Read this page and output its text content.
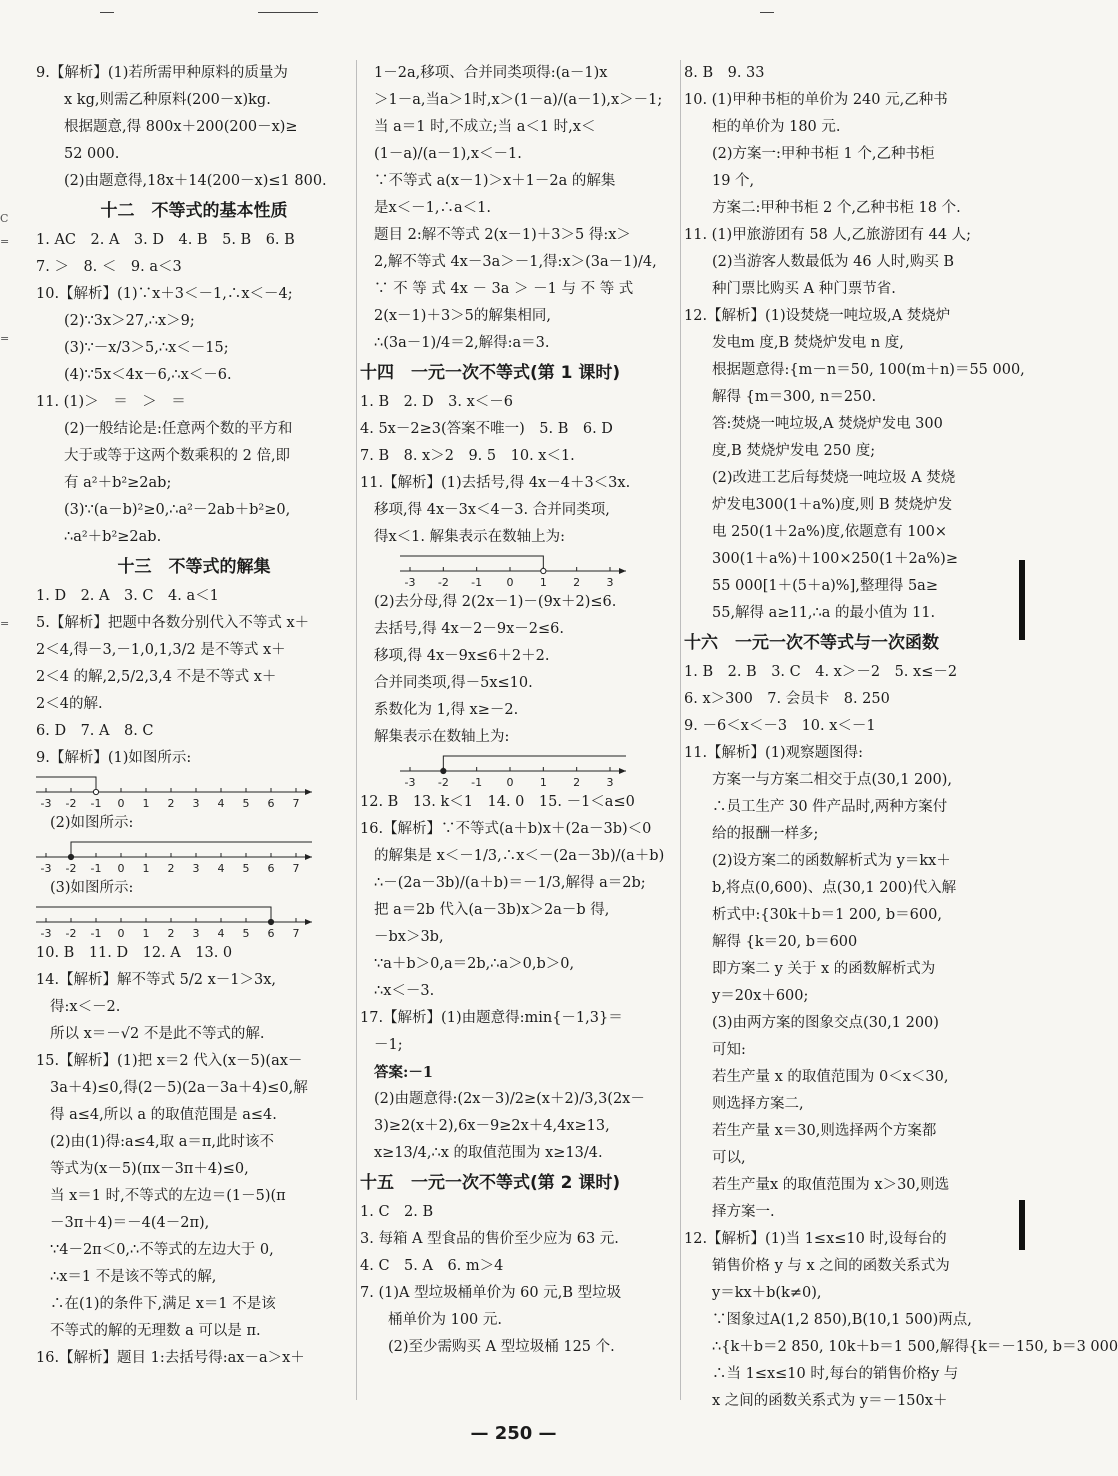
C
=
=
=
9.【解析】(1)若所需甲种原料的质量为
x kg,则需乙种原料(200－x)kg.
根据题意,得 800x＋200(200－x)≥
52 000.
(2)由题意得,18x＋14(200－x)≤1 800.
十二　不等式的基本性质
1. AC　2. A　3. D　4. B　5. B　6. B
7. ＞　8. ＜　9. a＜3
10.【解析】(1)∵x＋3＜－1,∴x＜－4;
(2)∵3x＞27,∴x＞9;
(3)∵－x/3＞5,∴x＜－15;
(4)∵5x＜4x－6,∴x＜－6.
11. (1)＞　＝　＞　＝
(2)一般结论是:任意两个数的平方和
大于或等于这两个数乘积的 2 倍,即
有 a²＋b²≥2ab;
(3)∵(a－b)²≥0,∴a²－2ab＋b²≥0,
∴a²＋b²≥2ab.
十三　不等式的解集
1. D　2. A　3. C　4. a＜1
5.【解析】把题中各数分别代入不等式 x＋
2＜4,得－3,－1,0,1,3/2 是不等式 x＋
2＜4 的解,2,5/2,3,4 不是不等式 x＋
2＜4的解.
6. D　7. A　8. C
9.【解析】(1)如图所示:
-3 -2 -1 0 1 2 3 4 5 6 7
(2)如图所示:
-3 -2 -1 0 1 2 3 4 5 6 7
(3)如图所示:
-3 -2 -1 0 1 2 3 4 5 6 7
10. B　11. D　12. A　13. 0
14.【解析】解不等式 5/2 x－1＞3x,
得:x＜－2.
所以 x＝－√2 不是此不等式的解.
15.【解析】(1)把 x＝2 代入(x－5)(ax－
3a＋4)≤0,得(2－5)(2a－3a＋4)≤0,解
得 a≤4,所以 a 的取值范围是 a≤4.
(2)由(1)得:a≤4,取 a＝π,此时该不
等式为(x－5)(πx－3π＋4)≤0,
当 x＝1 时,不等式的左边＝(1－5)(π
－3π＋4)＝－4(4－2π),
∵4－2π＜0,∴不等式的左边大于 0,
∴x＝1 不是该不等式的解,
∴在(1)的条件下,满足 x＝1 不是该
不等式的解的无理数 a 可以是 π.
16.【解析】题目 1:去括号得:ax－a＞x＋
1－2a,移项、合并同类项得:(a－1)x
＞1－a,当a＞1时,x＞(1－a)/(a－1),x＞－1;
当 a＝1 时,不成立;当 a＜1 时,x＜
(1－a)/(a－1),x＜－1.
∵不等式 a(x－1)＞x＋1－2a 的解集
是x＜－1,∴a＜1.
题目 2:解不等式 2(x－1)＋3＞5 得:x＞
2,解不等式 4x－3a＞－1,得:x＞(3a－1)/4,
∵ 不 等 式 4x － 3a ＞ －1 与 不 等 式
2(x－1)＋3＞5的解集相同,
∴(3a－1)/4＝2,解得:a＝3.
十四　一元一次不等式(第 1 课时)
1. B　2. D　3. x＜－6
4. 5x－2≥3(答案不唯一)　5. B　6. D
7. B　8. x＞2　9. 5　10. x＜1.
11.【解析】(1)去括号,得 4x－4＋3＜3x.
移项,得 4x－3x＜4－3. 合并同类项,
得x＜1. 解集表示在数轴上为:
-3 -2 -1 0 1 2 3
(2)去分母,得 2(2x－1)－(9x＋2)≤6.
去括号,得 4x－2－9x－2≤6.
移项,得 4x－9x≤6＋2＋2.
合并同类项,得－5x≤10.
系数化为 1,得 x≥－2.
解集表示在数轴上为:
-3 -2 -1 0 1 2 3
12. B　13. k＜1　14. 0　15. －1＜a≤0
16.【解析】∵不等式(a＋b)x＋(2a－3b)＜0
的解集是 x＜－1/3,∴x＜－(2a－3b)/(a＋b)
∴－(2a－3b)/(a＋b)＝－1/3,解得 a＝2b;
把 a＝2b 代入(a－3b)x＞2a－b 得,
－bx＞3b,
∵a＋b＞0,a＝2b,∴a＞0,b＞0,
∴x＜－3.
17.【解析】(1)由题意得:min{－1,3}＝
－1;
答案:－1
(2)由题意得:(2x－3)/2≥(x＋2)/3,3(2x－
3)≥2(x＋2),6x－9≥2x＋4,4x≥13,
x≥13/4,∴x 的取值范围为 x≥13/4.
十五　一元一次不等式(第 2 课时)
1. C　2. B
3. 每箱 A 型食品的售价至少应为 63 元.
4. C　5. A　6. m＞4
7. (1)A 型垃圾桶单价为 60 元,B 型垃圾
桶单价为 100 元.
(2)至少需购买 A 型垃圾桶 125 个.
8. B　9. 33
10. (1)甲种书柜的单价为 240 元,乙种书
柜的单价为 180 元.
(2)方案一:甲种书柜 1 个,乙种书柜
19 个,
方案二:甲种书柜 2 个,乙种书柜 18 个.
11. (1)甲旅游团有 58 人,乙旅游团有 44 人;
(2)当游客人数最低为 46 人时,购买 B
种门票比购买 A 种门票节省.
12.【解析】(1)设焚烧一吨垃圾,A 焚烧炉
发电m 度,B 焚烧炉发电 n 度,
根据题意得:{m－n＝50, 100(m＋n)＝55 000,
解得 {m＝300, n＝250.
答:焚烧一吨垃圾,A 焚烧炉发电 300
度,B 焚烧炉发电 250 度;
(2)改进工艺后每焚烧一吨垃圾 A 焚烧
炉发电300(1＋a%)度,则 B 焚烧炉发
电 250(1＋2a%)度,依题意有 100×
300(1＋a%)＋100×250(1＋2a%)≥
55 000[1＋(5＋a)%],整理得 5a≥
55,解得 a≥11,∴a 的最小值为 11.
十六　一元一次不等式与一次函数
1. B　2. B　3. C　4. x＞－2　5. x≤－2
6. x＞300　7. 会员卡　8. 250
9. －6＜x＜－3　10. x＜－1
11.【解析】(1)观察题图得:
方案一与方案二相交于点(30,1 200),
∴员工生产 30 件产品时,两种方案付
给的报酬一样多;
(2)设方案二的函数解析式为 y＝kx＋
b,将点(0,600)、点(30,1 200)代入解
析式中:{30k＋b＝1 200, b＝600,
解得 {k＝20, b＝600
即方案二 y 关于 x 的函数解析式为
y＝20x＋600;
(3)由两方案的图象交点(30,1 200)
可知:
若生产量 x 的取值范围为 0＜x＜30,
则选择方案二,
若生产量 x＝30,则选择两个方案都
可以,
若生产量x 的取值范围为 x＞30,则选
择方案一.
12.【解析】(1)当 1≤x≤10 时,设每台的
销售价格 y 与 x 之间的函数关系式为
y＝kx＋b(k≠0),
∵图象过A(1,2 850),B(10,1 500)两点,
∴{k＋b＝2 850, 10k＋b＝1 500,解得{k＝－150, b＝3 000
∴当 1≤x≤10 时,每台的销售价格y 与
x 之间的函数关系式为 y＝－150x＋
— 250 —
